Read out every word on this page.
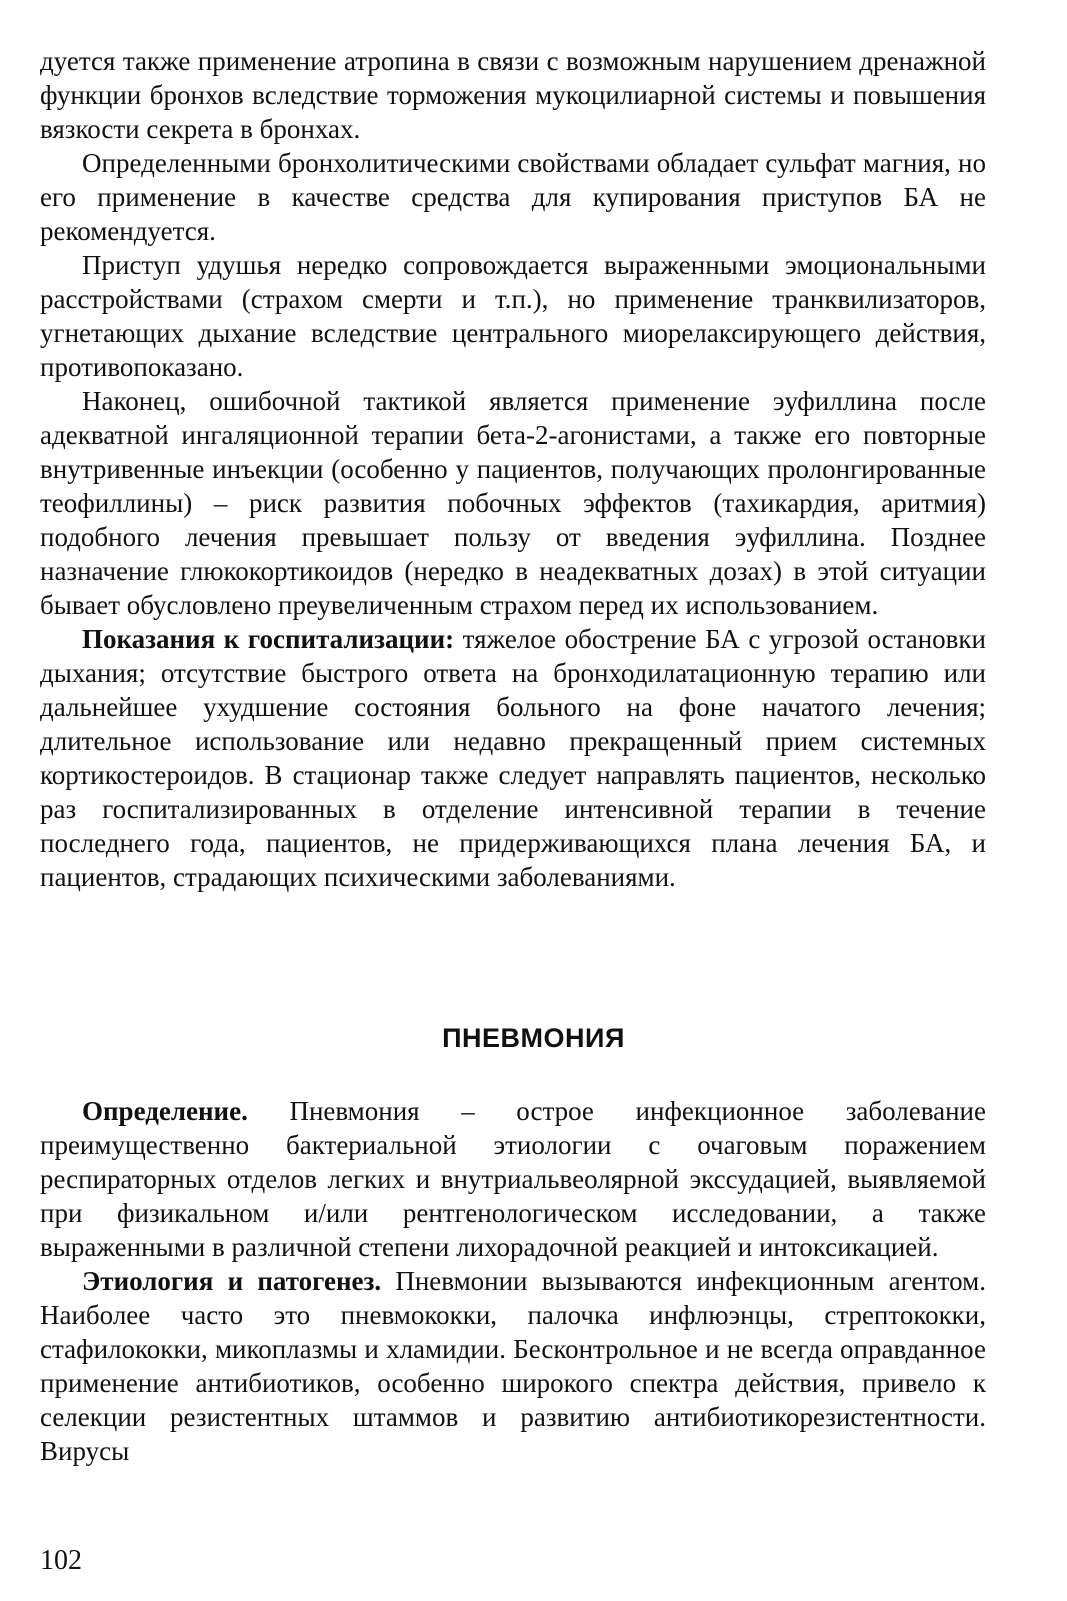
дуется также применение атропина в связи с возможным нарушением дренажной функции бронхов вследствие торможения мукоцилиарной системы и повышения вязкости секрета в бронхах.

Определенными бронхолитическими свойствами обладает сульфат магния, но его применение в качестве средства для купирования приступов БА не рекомендуется.

Приступ удушья нередко сопровождается выраженными эмоциональными расстройствами (страхом смерти и т.п.), но применение транквилизаторов, угнетающих дыхание вследствие центрального миорелаксирующего действия, противопоказано.

Наконец, ошибочной тактикой является применение эуфиллина после адекватной ингаляционной терапии бета-2-агонистами, а также его повторные внутривенные инъекции (особенно у пациентов, получающих пролонгированные теофиллины) – риск развития побочных эффектов (тахикардия, аритмия) подобного лечения превышает пользу от введения эуфиллина. Позднее назначение глюкокортикоидов (нередко в неадекватных дозах) в этой ситуации бывает обусловлено преувеличенным страхом перед их использованием.

Показания к госпитализации: тяжелое обострение БА с угрозой остановки дыхания; отсутствие быстрого ответа на бронходилатационную терапию или дальнейшее ухудшение состояния больного на фоне начатого лечения; длительное использование или недавно прекращенный прием системных кортикостероидов. В стационар также следует направлять пациентов, несколько раз госпитализированных в отделение интенсивной терапии в течение последнего года, пациентов, не придерживающихся плана лечения БА, и пациентов, страдающих психическими заболеваниями.

ПНЕВМОНИЯ

Определение. Пневмония – острое инфекционное заболевание преимущественно бактериальной этиологии с очаговым поражением респираторных отделов легких и внутриальвеолярной экссудацией, выявляемой при физикальном и/или рентгенологическом исследовании, а также выраженными в различной степени лихорадочной реакцией и интоксикацией.

Этиология и патогенез. Пневмонии вызываются инфекционным агентом. Наиболее часто это пневмококки, палочка инфлюэнцы, стрептококки, стафилококки, микоплазмы и хламидии. Бесконтрольное и не всегда оправданное применение антибиотиков, особенно широкого спектра действия, привело к селекции резистентных штаммов и развитию антибиотикорезистентности. Вирусы

102
